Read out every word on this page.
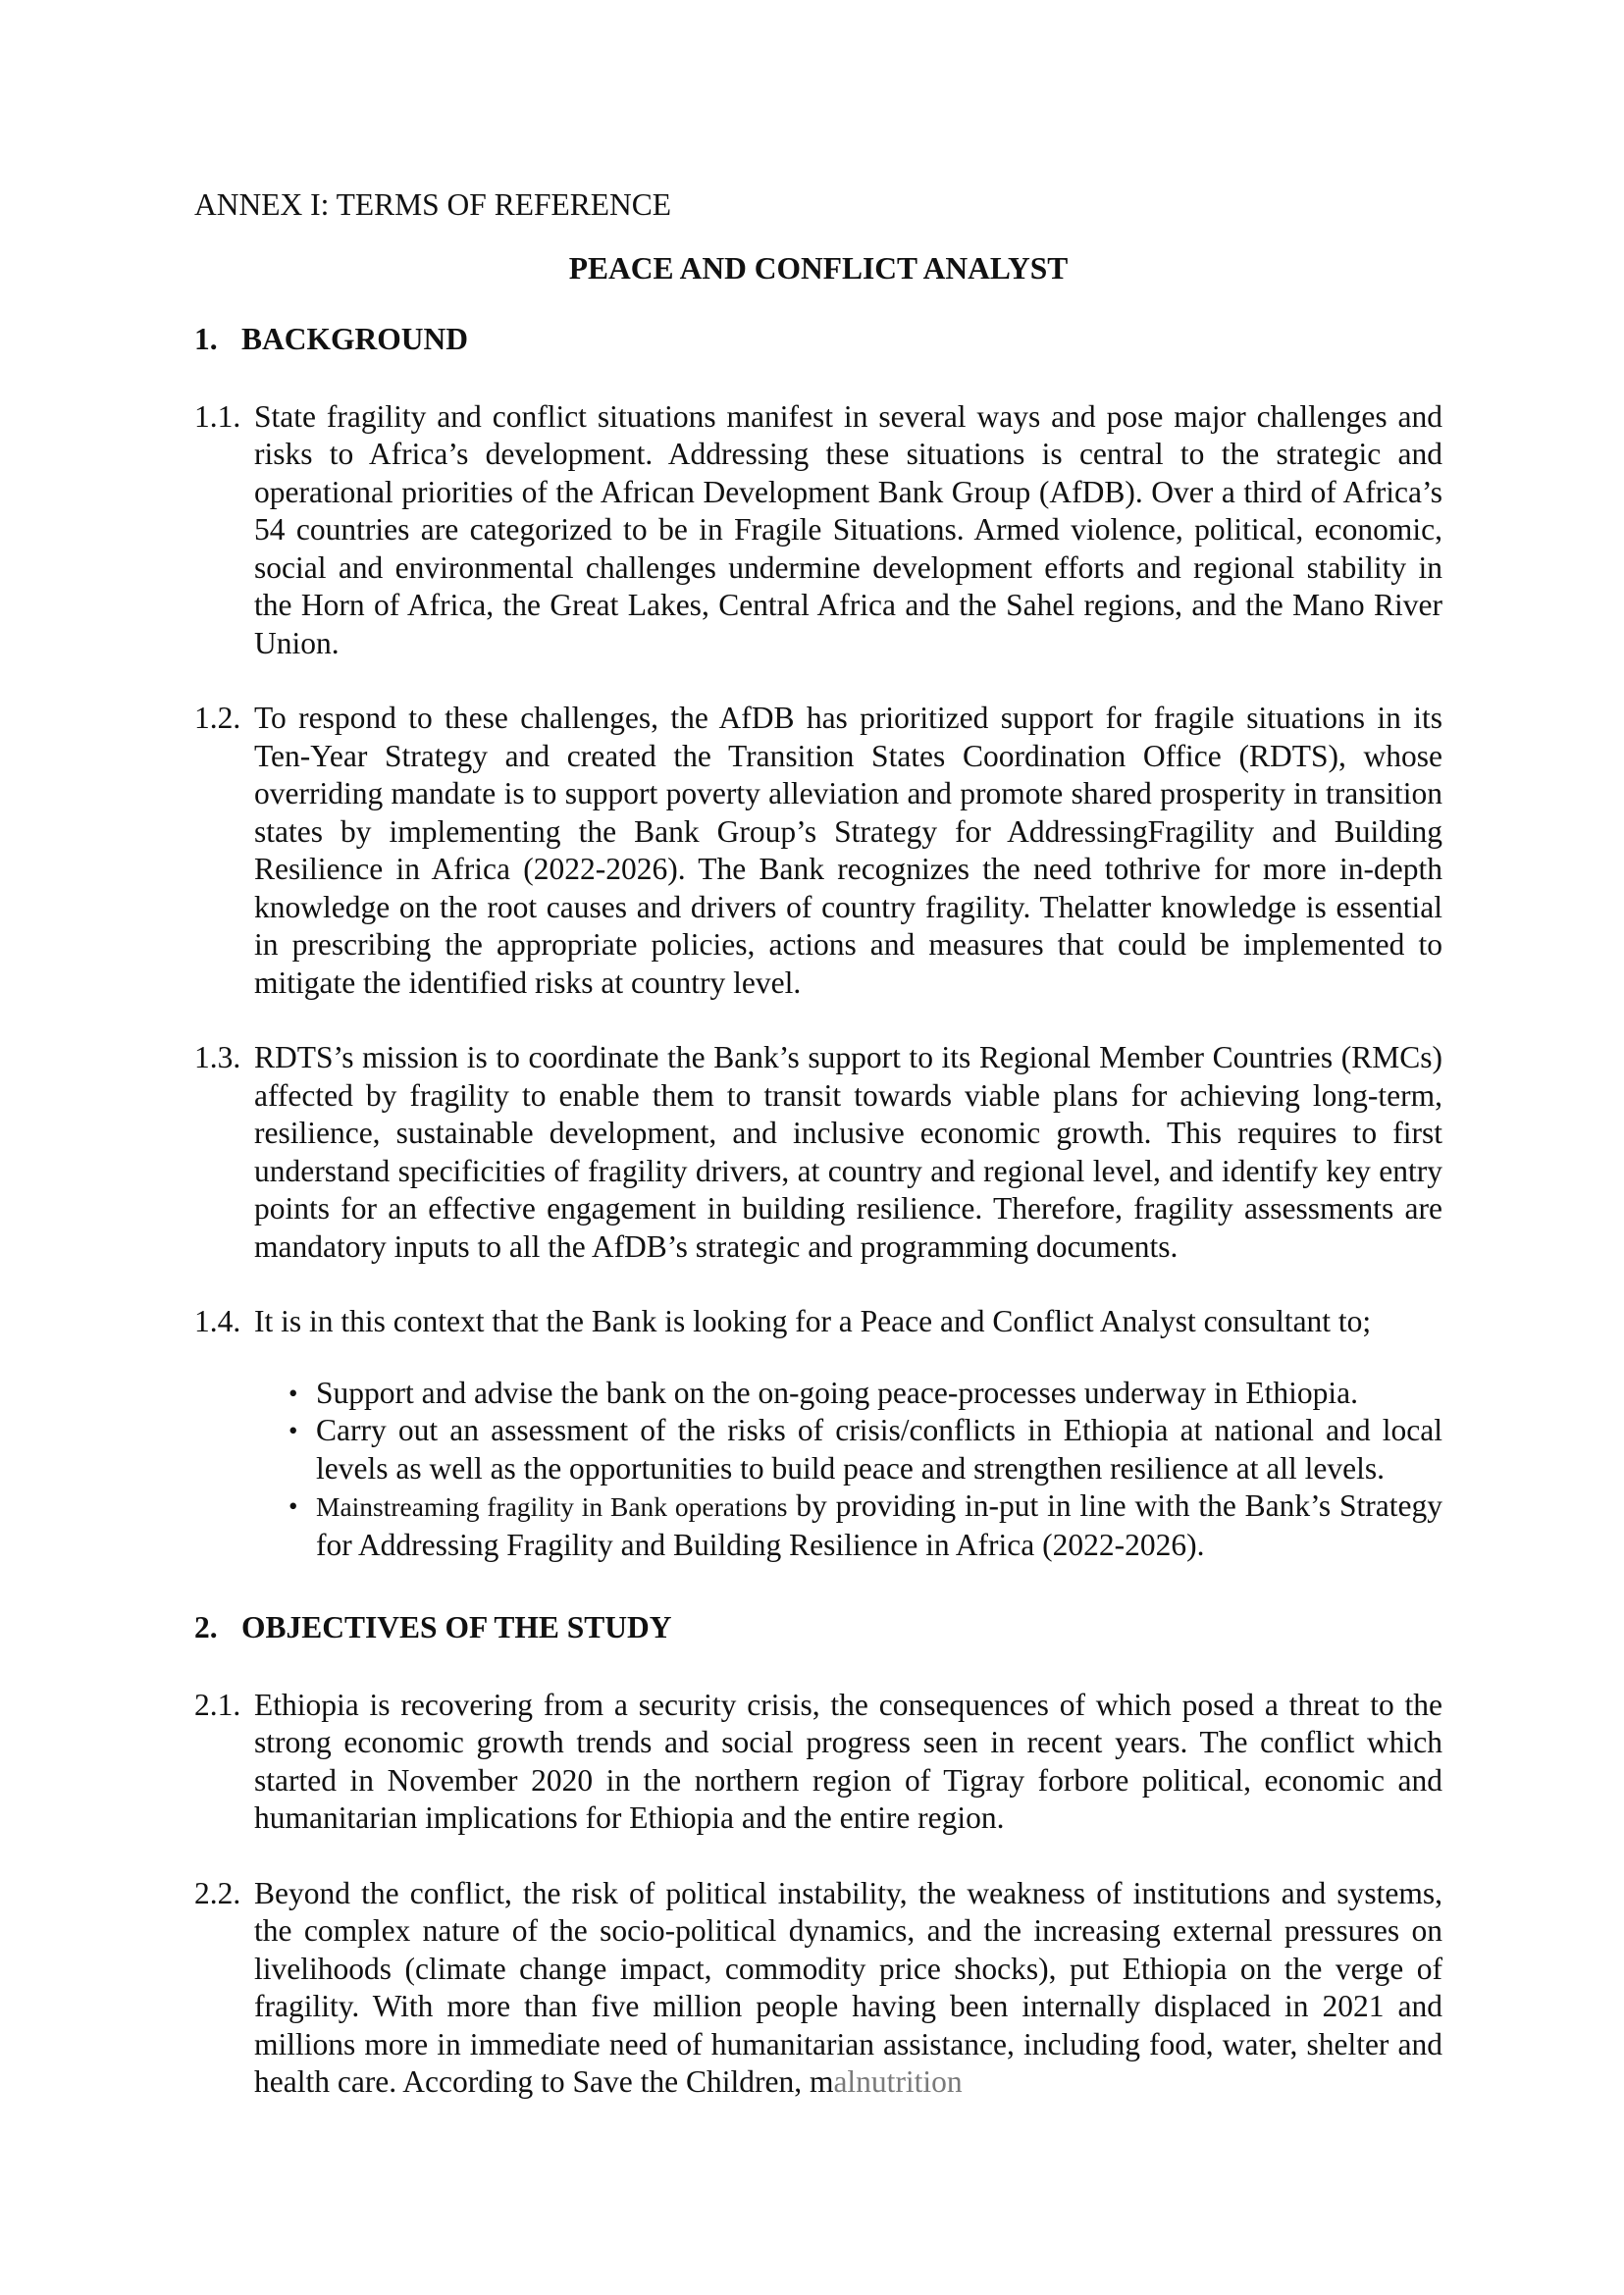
ANNEX I: TERMS OF REFERENCE

PEACE AND CONFLICT ANALYST

1. BACKGROUND
1.1. State fragility and conflict situations manifest in several ways and pose major challenges and risks to Africa’s development. Addressing these situations is central to the strategic and operational priorities of the African Development Bank Group (AfDB). Over a third of Africa’s 54 countries are categorized to be in Fragile Situations. Armed violence, political, economic, social and environmental challenges undermine development efforts and regional stability in the Horn of Africa, the Great Lakes, Central Africa and the Sahel regions, and the Mano River Union.
1.2. To respond to these challenges, the AfDB has prioritized support for fragile situations in its Ten-Year Strategy and created the Transition States Coordination Office (RDTS), whose overriding mandate is to support poverty alleviation and promote shared prosperity in transition states by implementing the Bank Group’s Strategy for AddressingFragility and Building Resilience in Africa (2022-2026). The Bank recognizes the need tothrive for more in-depth knowledge on the root causes and drivers of country fragility. Thelatter knowledge is essential in prescribing the appropriate policies, actions and measures that could be implemented to mitigate the identified risks at country level.
1.3. RDTS’s mission is to coordinate the Bank’s support to its Regional Member Countries (RMCs) affected by fragility to enable them to transit towards viable plans for achieving long-term, resilience, sustainable development, and inclusive economic growth. This requires to first understand specificities of fragility drivers, at country and regional level, and identify key entry points for an effective engagement in building resilience. Therefore, fragility assessments are mandatory inputs to all the AfDB’s strategic and programming documents.
1.4. It is in this context that the Bank is looking for a Peace and Conflict Analyst consultant to;
• Support and advise the bank on the on-going peace-processes underway in Ethiopia.
• Carry out an assessment of the risks of crisis/conflicts in Ethiopia at national and local levels as well as the opportunities to build peace and strengthen resilience at all levels.
• Mainstreaming fragility in Bank operations by providing in-put in line with the Bank’s Strategy for Addressing Fragility and Building Resilience in Africa (2022-2026).
2. OBJECTIVES OF THE STUDY
2.1. Ethiopia is recovering from a security crisis, the consequences of which posed a threat to the strong economic growth trends and social progress seen in recent years. The conflict which started in November 2020 in the northern region of Tigray forbore political, economic and humanitarian implications for Ethiopia and the entire region.
2.2. Beyond the conflict, the risk of political instability, the weakness of institutions and systems, the complex nature of the socio-political dynamics, and the increasing external pressures on livelihoods (climate change impact, commodity price shocks), put Ethiopia on the verge of fragility. With more than five million people having been internally displaced in 2021 and millions more in immediate need of humanitarian assistance, including food, water, shelter and health care. According to Save the Children, malnutrition
